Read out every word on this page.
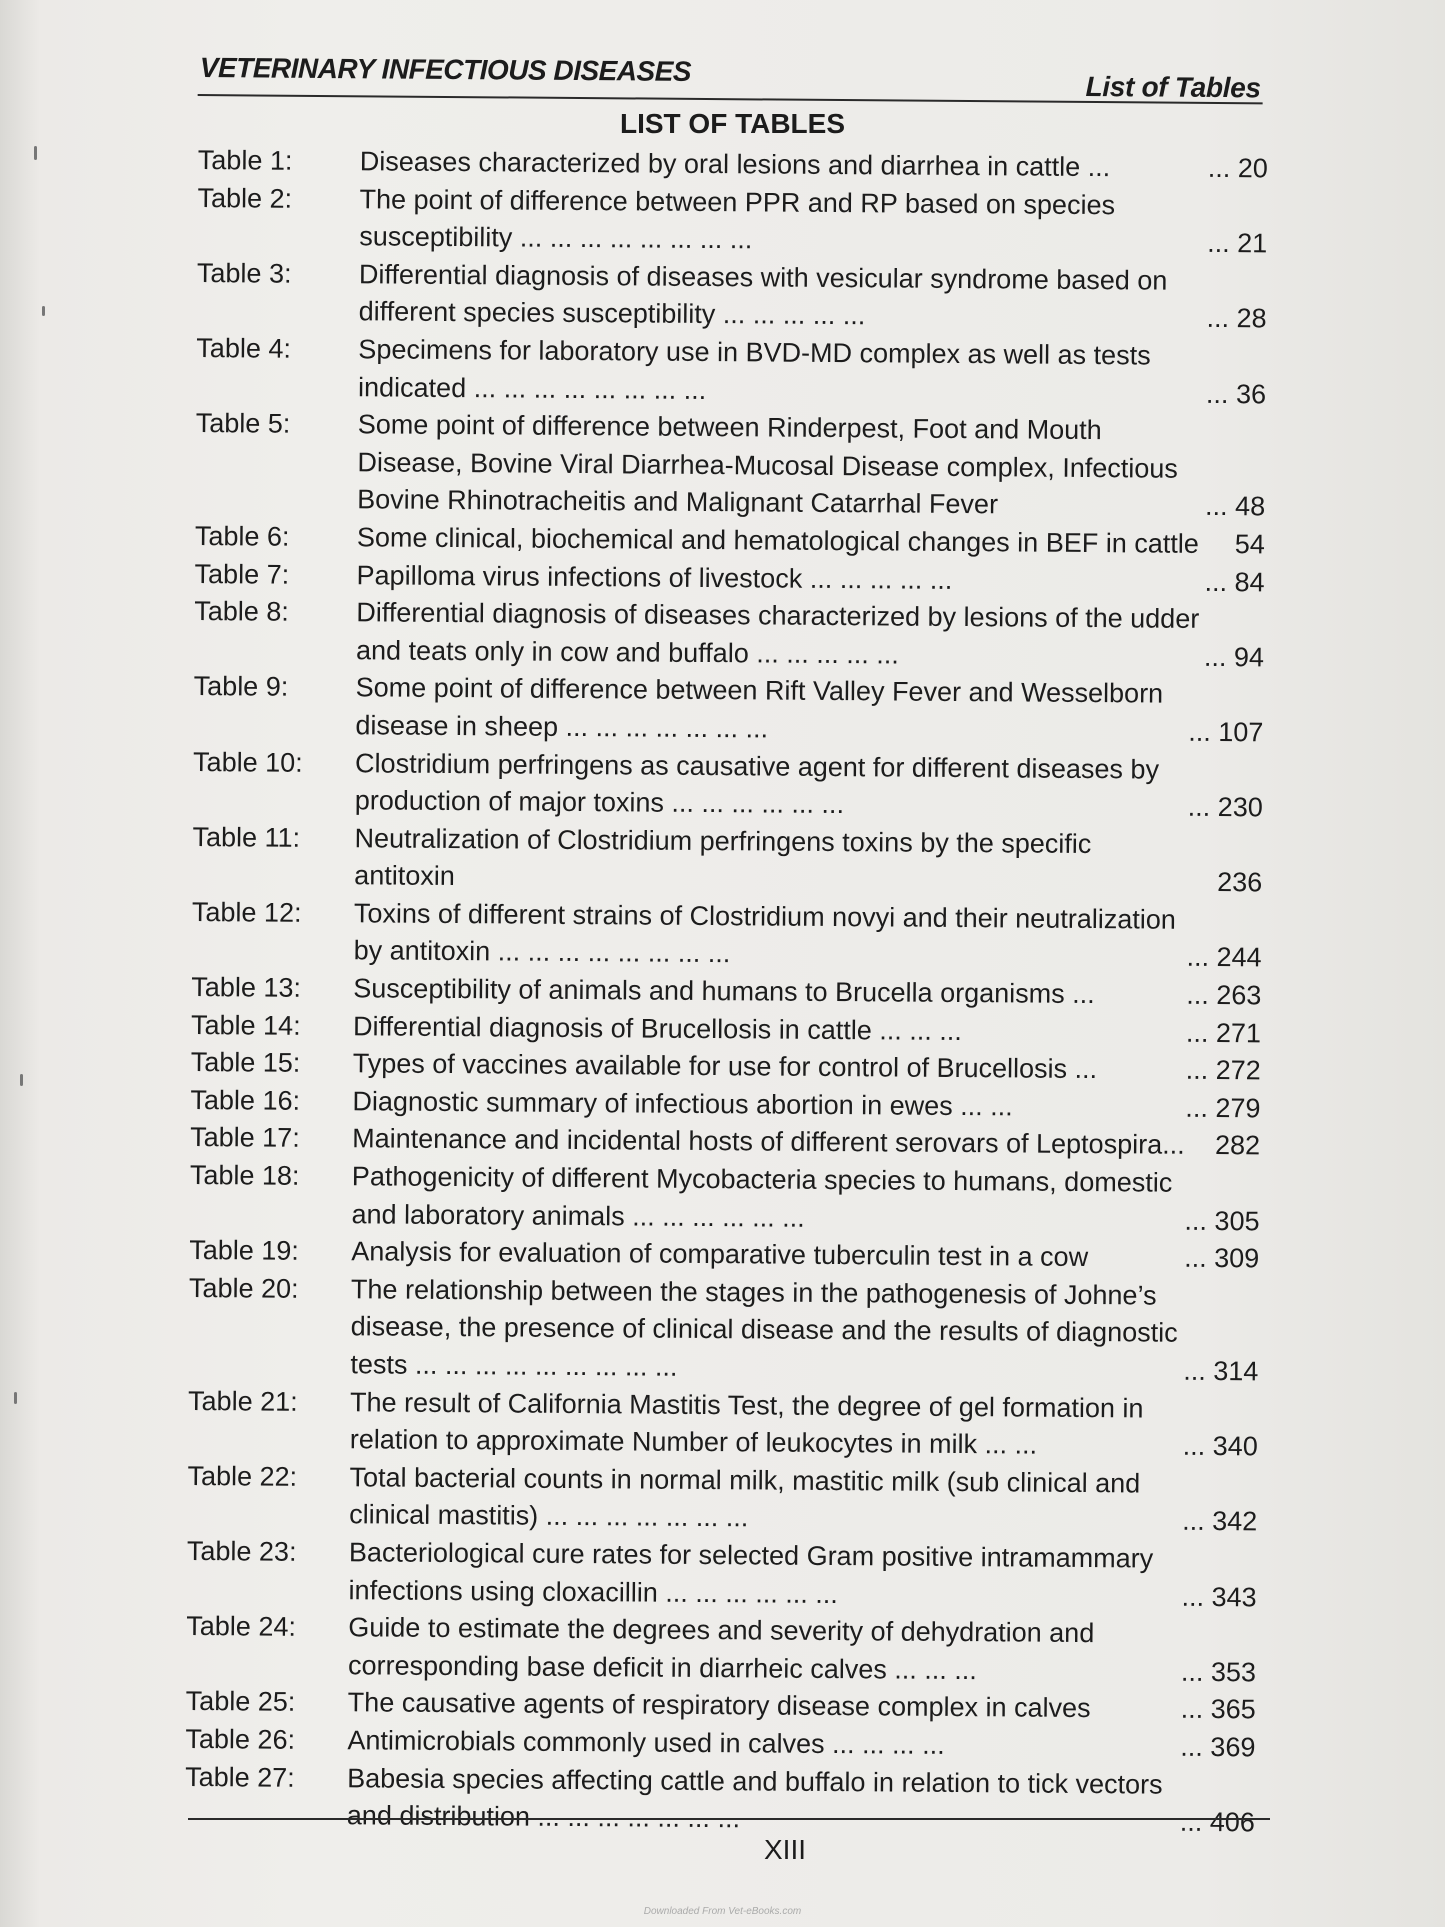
VETERINARY INFECTIOUS DISEASES
List of Tables
LIST OF TABLES
Table 1:	Diseases characterized by oral lesions and diarrhea in cattle ...	... 20
Table 2:	The point of difference between PPR and RP based on species susceptibility ... ... ... ... ... ... ... ...	... 21
Table 3:	Differential diagnosis of diseases with vesicular syndrome based on different species susceptibility ... ... ... ... ...	... 28
Table 4:	Specimens for laboratory use in BVD-MD complex as well as tests indicated ... ... ... ... ... ... ... ...	... 36
Table 5:	Some point of difference between Rinderpest, Foot and Mouth Disease, Bovine Viral Diarrhea-Mucosal Disease complex, Infectious Bovine Rhinotracheitis and Malignant Catarrhal Fever	... 48
Table 6:	Some clinical, biochemical and hematological changes in BEF in cattle 54
Table 7:	Papilloma virus infections of livestock ... ... ... ... ...	... 84
Table 8:	Differential diagnosis of diseases characterized by lesions of the udder and teats only in cow and buffalo ... ... ... ... ...	... 94
Table 9:	Some point of difference between Rift Valley Fever and Wesselborn disease in sheep ... ... ... ... ... ... ...	... 107
Table 10:	Clostridium perfringens as causative agent for different diseases by production of major toxins ... ... ... ... ... ...	... 230
Table 11:	Neutralization of Clostridium perfringens toxins by the specific antitoxin	236
Table 12:	Toxins of different strains of Clostridium novyi and their neutralization by antitoxin ... ... ... ... ... ... ... ...	... 244
Table 13:	Susceptibility of animals and humans to Brucella organisms ...	... 263
Table 14:	Differential diagnosis of Brucellosis in cattle ... ... ...	... 271
Table 15:	Types of vaccines available for use for control of Brucellosis ...	... 272
Table 16:	Diagnostic summary of infectious abortion in ewes ... ...	... 279
Table 17:	Maintenance and incidental hosts of different serovars of Leptospira... 282
Table 18:	Pathogenicity of different Mycobacteria species to humans, domestic and laboratory animals ... ... ... ... ... ...	... 305
Table 19:	Analysis for evaluation of comparative tuberculin test in a cow	... 309
Table 20:	The relationship between the stages in the pathogenesis of Johne’s disease, the presence of clinical disease and the results of diagnostic tests ... ... ... ... ... ... ... ... ...	... 314
Table 21:	The result of California Mastitis Test, the degree of gel formation in relation to approximate Number of leukocytes in milk ... ...	... 340
Table 22:	Total bacterial counts in normal milk, mastitic milk (sub clinical and clinical mastitis) ... ... ... ... ... ... ...	... 342
Table 23:	Bacteriological cure rates for selected Gram positive intramammary infections using cloxacillin ... ... ... ... ... ...	... 343
Table 24:	Guide to estimate the degrees and severity of dehydration and corresponding base deficit in diarrheic calves ... ... ...	... 353
Table 25:	The causative agents of respiratory disease complex in calves	... 365
Table 26:	Antimicrobials commonly used in calves ... ... ... ...	... 369
Table 27:	Babesia species affecting cattle and buffalo in relation to tick vectors and distribution ... ... ... ... ... ... ...	... 406
XIII
Downloaded From Vet-eBooks.com
